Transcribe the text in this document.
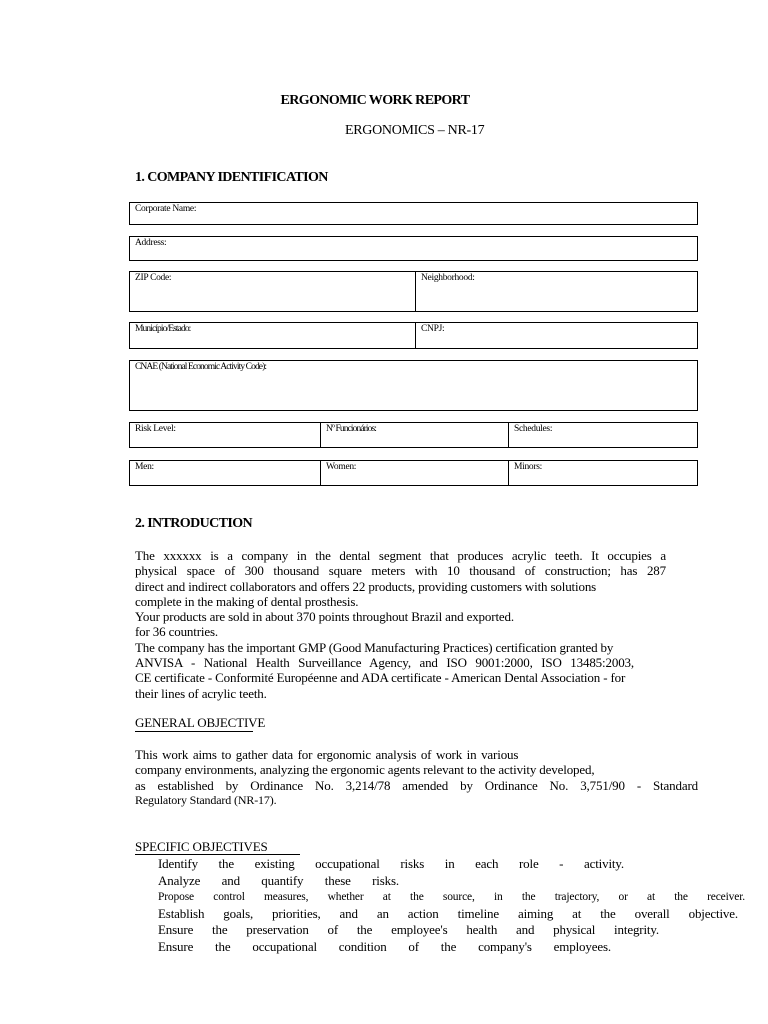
ERGONOMIC WORK REPORT
ERGONOMICS – NR-17
1. COMPANY IDENTIFICATION
Corporate Name:
Address:
ZIP Code:	Neighborhood:
Município/Estado:	CNPJ:
CNAE (National Economic Activity Code):
Risk Level:	Nº Funcionários:	Schedules:
Men:	Women:	Minors:
2. INTRODUCTION
The xxxxxx is a company in the dental segment that produces acrylic teeth. It occupies a
physical space of 300 thousand square meters with 10 thousand of construction; has 287
direct and indirect collaborators and offers 22 products, providing customers with solutions
complete in the making of dental prosthesis.
Your products are sold in about 370 points throughout Brazil and exported.
for 36 countries.
The company has the important GMP (Good Manufacturing Practices) certification granted by
ANVISA - National Health Surveillance Agency, and ISO 9001:2000, ISO 13485:2003,
CE certificate - Conformité Européenne and ADA certificate - American Dental Association - for
their lines of acrylic teeth.
GENERAL OBJECTIVE
This work aims to gather data for ergonomic analysis of work in various
company environments, analyzing the ergonomic agents relevant to the activity developed,
as established by Ordinance No. 3,214/78 amended by Ordinance No. 3,751/90 - Standard
Regulatory Standard (NR-17).
SPECIFIC OBJECTIVES
Identify the existing occupational risks in each role - activity.
Analyze and quantify these risks.
Propose control measures, whether at the source, in the trajectory, or at the receiver.
Establish goals, priorities, and an action timeline aiming at the overall objective.
Ensure the preservation of the employee's health and physical integrity.
Ensure the occupational condition of the company's employees.
